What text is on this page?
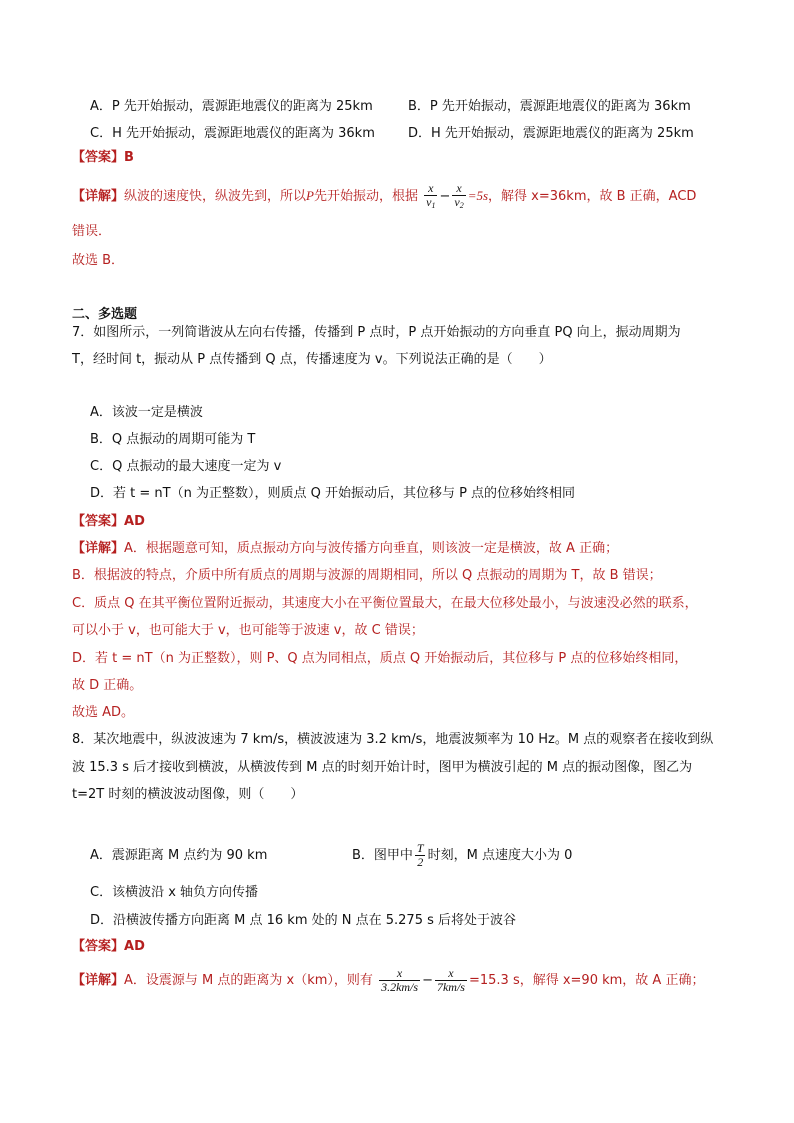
A．P 先开始振动，震源距地震仪的距离为 25km	B．P 先开始振动，震源距地震仪的距离为 36km
C．H 先开始振动，震源距地震仪的距离为 36km	D．H 先开始振动，震源距地震仪的距离为 25km
【答案】B
【详解】纵波的速度快，纵波先到，所以P先开始振动，根据 $\frac{x}{v_1} - \frac{x}{v_2} =5s$，解得 x=36km，故 B 正确，ACD
错误．
故选 B．
二、多选题
7．如图所示，一列简谐波从左向右传播，传播到 P 点时，P 点开始振动的方向垂直 PQ 向上，振动周期为
T，经时间 t，振动从 P 点传播到 Q 点，传播速度为 v。下列说法正确的是（　　）
A．该波一定是横波
B．Q 点振动的周期可能为 T
C．Q 点振动的最大速度一定为 v
D．若 t = nT（n 为正整数），则质点 Q 开始振动后，其位移与 P 点的位移始终相同
【答案】AD
【详解】A．根据题意可知，质点振动方向与波传播方向垂直，则该波一定是横波，故 A 正确；
B．根据波的特点，介质中所有质点的周期与波源的周期相同，所以 Q 点振动的周期为 T，故 B 错误；
C．质点 Q 在其平衡位置附近振动，其速度大小在平衡位置最大，在最大位移处最小，与波速没必然的联系，
可以小于 v，也可能大于 v，也可能等于波速 v，故 C 错误；
D．若 t = nT（n 为正整数），则 P、Q 点为同相点，质点 Q 开始振动后，其位移与 P 点的位移始终相同，
故 D 正确。
故选 AD。
8．某次地震中，纵波波速为 7 km/s，横波波速为 3.2 km/s，地震波频率为 10 Hz。M 点的观察者在接收到纵
波 15.3 s 后才接收到横波，从横波传到 M 点的时刻开始计时，图甲为横波引起的 M 点的振动图像，图乙为
t=2T 时刻的横波波动图像，则（　　）
A．震源距离 M 点约为 90 km	B．图甲中 $\frac{T}{2}$ 时刻，M 点速度大小为 0
C．该横波沿 x 轴负方向传播
D．沿横波传播方向距离 M 点 16 km 处的 N 点在 5.275 s 后将处于波谷
【答案】AD
【详解】A．设震源与 M 点的距离为 x（km），则有 $\frac{x}{3.2km/s} - \frac{x}{7km/s} =15.3$ s，解得 x=90 km，故 A 正确；
